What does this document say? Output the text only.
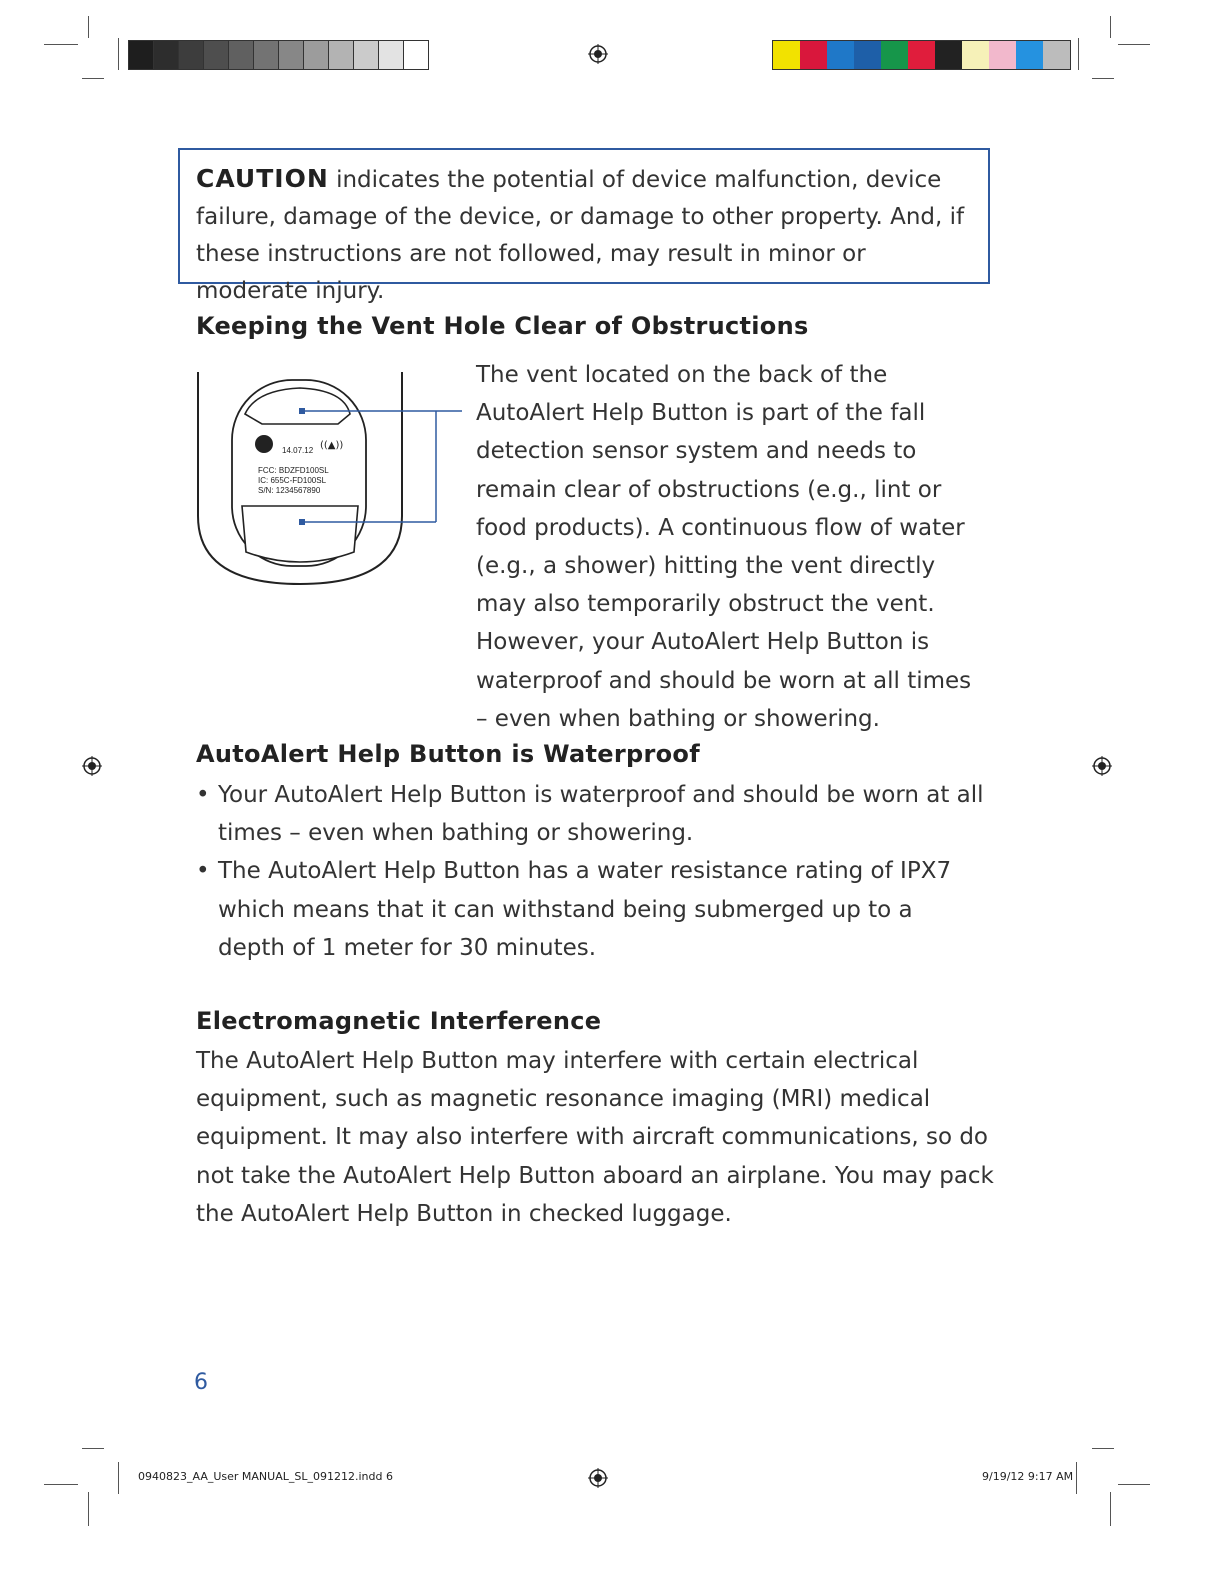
CAUTION indicates the potential of device malfunction, device failure, damage of the device, or damage to other property. And, if these instructions are not followed, may result in minor or moderate injury.
Keeping the Vent Hole Clear of Obstructions
14.07.12 ((▲))
FCC: BDZFD100SL
IC: 655C-FD100SL
S/N: 1234567890

The vent located on the back of the AutoAlert Help Button is part of the fall detection sensor system and needs to remain clear of obstructions (e.g., lint or food products). A continuous flow of water (e.g., a shower) hitting the vent directly may also temporarily obstruct the vent. However, your AutoAlert Help Button is waterproof and should be worn at all times – even when bathing or showering.

AutoAlert Help Button is Waterproof
• Your AutoAlert Help Button is waterproof and should be worn at all times – even when bathing or showering.
• The AutoAlert Help Button has a water resistance rating of IPX7 which means that it can withstand being submerged up to a depth of 1 meter for 30 minutes.
Electromagnetic Interference

The AutoAlert Help Button may interfere with certain electrical equipment, such as magnetic resonance imaging (MRI) medical equipment. It may also interfere with aircraft communications, so do not take the AutoAlert Help Button aboard an airplane. You may pack the AutoAlert Help Button in checked luggage.

6
0940823_AA_User MANUAL_SL_091212.indd 6	9/19/12 9:17 AM
